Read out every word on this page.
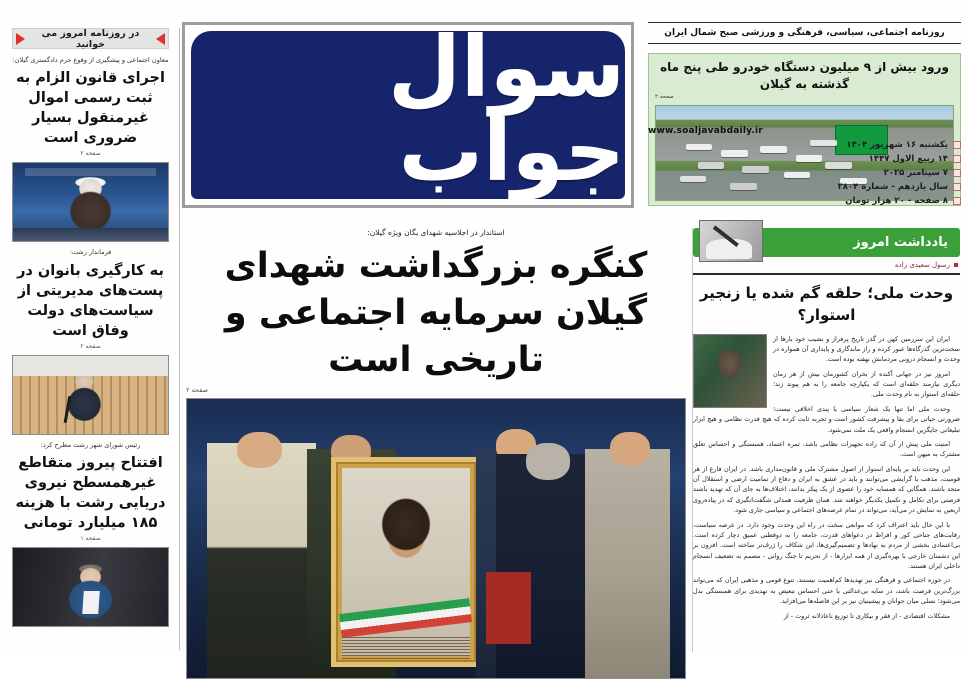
در روزنامه امروز می خوانید
معاون اجتماعی و پیشگیری از وقوع جرم دادگستری گیلان:
اجرای قانون الزام به ثبت رسمی اموال غیرمنقول بسیار ضروری است
صفحه ۲
فرماندار رشت:
به کارگیری بانوان در پست‌های مدیریتی از سیاست‌های دولت وفاق است
صفحه ۲
رئیس شورای شهر رشت مطرح کرد:
افتتاح پیروز متقاطع غیرهمسطح نیروی دریایی رشت با هزینه ۱۸۵ میلیارد تومانی
صفحه ۱
سوال جواب
روزنامه اجتماعی، سیاسی، فرهنگی و ورزشی صبح شمال ایران
ورود بیش از ۹ میلیون دستگاه خودرو طی پنج ماه گذشته به گیلان
صفحه ۲
www.soaljavabdaily.ir
یکشنبه ۱۶ شهریور ۱۴۰۴
۱۴ ربیع الاول ۱۴۴۷
۷ سپتامبر ۲۰۲۵
سال یازدهم - شماره ۲۸۰۴
۸ صفحه - ۲۰ هزار تومان
استاندار در اجلاسیه شهدای یگان ویژه گیلان:
کنگره بزرگداشت شهدای گیلان سرمایه اجتماعی و تاریخی است
صفحه ۲
یادداشت امروز
رسول سعیدی زاده
وحدت ملی؛ حلقه گم شده یا زنجیر استوار؟

ایران این سرزمین کهن در گذر تاریخ پرفراز و نشیب خود بارها از سخت‌ترین گذرگاه‌ها عبور کرده و راز ماندگاری و پایداری آن همواره در وحدت و انسجام درونی مردمانش نهفته بوده است.

امروز نیز در جهانی آکنده از بحران کشورمان بیش از هر زمان دیگری نیازمند حلقه‌ای است که یکپارچه جامعه را به هم پیوند زند؛ حلقه‌ای استوار به نام وحدت ملی.

وحدت ملی اما تنها یک شعار سیاسی یا پندی اخلاقی نیست؛ ضرورتی حیاتی برای بقا و پیشرفت کشور است و تجربه ثابت کرده که هیچ قدرت نظامی و هیچ ابزار تبلیغاتی جایگزین انسجام واقعی یک ملت نمی‌شود.

امنیت ملی پیش از آن که زاده تجهیزات نظامی باشد، ثمره اعتماد، همبستگی و احساس تعلق مشترک به میهن است.

این وحدت باید بر پایه‌ای استوار از اصول مشترک ملی و قانون‌مداری باشد. در ایران فارغ از هر قومیت، مذهب یا گرایشی می‌توانند و باید در عشق به ایران و دفاع از تمامیت ارضی و استقلال آن متحد باشند. همگانی که همسایه خود را عضوی از یک پیکر بدانند، اختلاف‌ها به جای آن که تهدید باشند فرصتی برای تکامل و تکمیل یکدیگر خواهند شد. همان ظرفیت همدلی شگفت‌انگیزی که در پیاده‌روی اربعین به نمایش در می‌آید، می‌تواند در تمام عرصه‌های اجتماعی و سیاسی جاری شود.

با این حال باید اعتراف کرد که موانعی سخت در راه این وحدت وجود دارد. در عرصه سیاست، رقابت‌های جناحی کور و افراط در دعواهای قدرت، جامعه را به دوقطبی عمیق دچار کرده است. بی‌اعتمادی بخشی از مردم به نهادها و تصمیم‌گیری‌ها، این شکاف را ژرف‌تر ساخته است. افزون بر این دشمنان خارجی با بهره‌گیری از همه ابزارها - از تحریم تا جنگ روانی - مصمم به تضعیف انسجام داخلی ایران هستند.

در حوزه اجتماعی و فرهنگی نیز تهدیدها کم‌اهمیت نیستند. تنوع قومی و مذهبی ایران که می‌تواند بزرگ‌ترین فرصت باشد، در سایه بی‌عدالتی یا حتی احساس تبعیض به تهدیدی برای همبستگی بدل می‌شود؛ نسلی میان جوانان و پیشینیان نیز بر این فاصله‌ها می‌افزاید.

مشکلات اقتصادی - از فقر و بیکاری تا توزیع ناعادلانه ثروت - از
